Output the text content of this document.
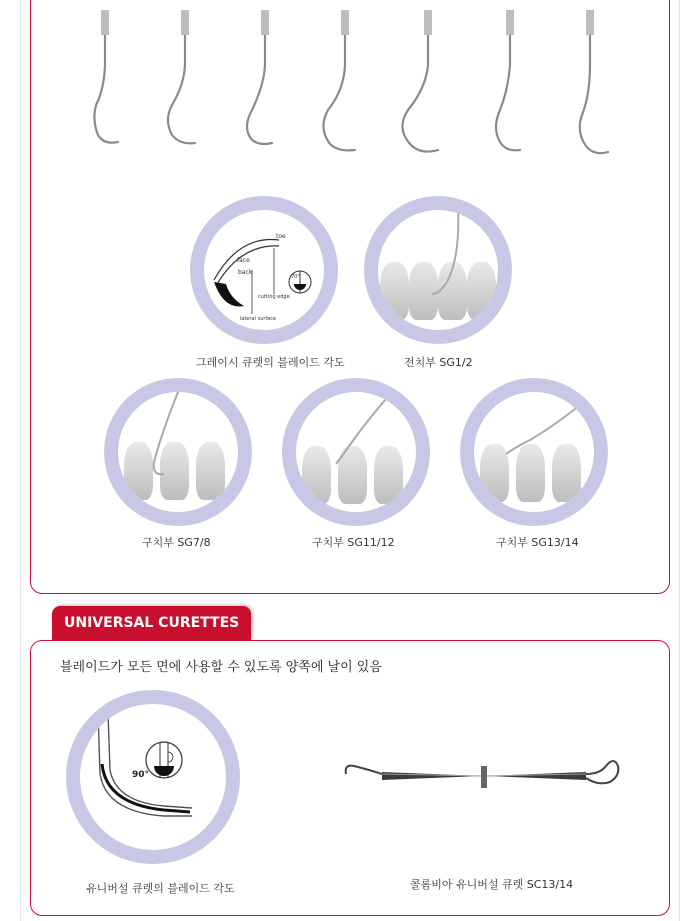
face
toe
back
cutting edge
lateral surface
70°
그레이시 큐렛의 블레이드 각도	전치부 SG1/2
구치부 SG7/8	구치부 SG11/12	구치부 SG13/14
UNIVERSAL CURETTES
블레이드가 모든 면에 사용할 수 있도록 양쪽에 날이 있음
90°
유니버설 큐렛의 블레이드 각도	콜롬비아 유니버설 큐렛 SC13/14
